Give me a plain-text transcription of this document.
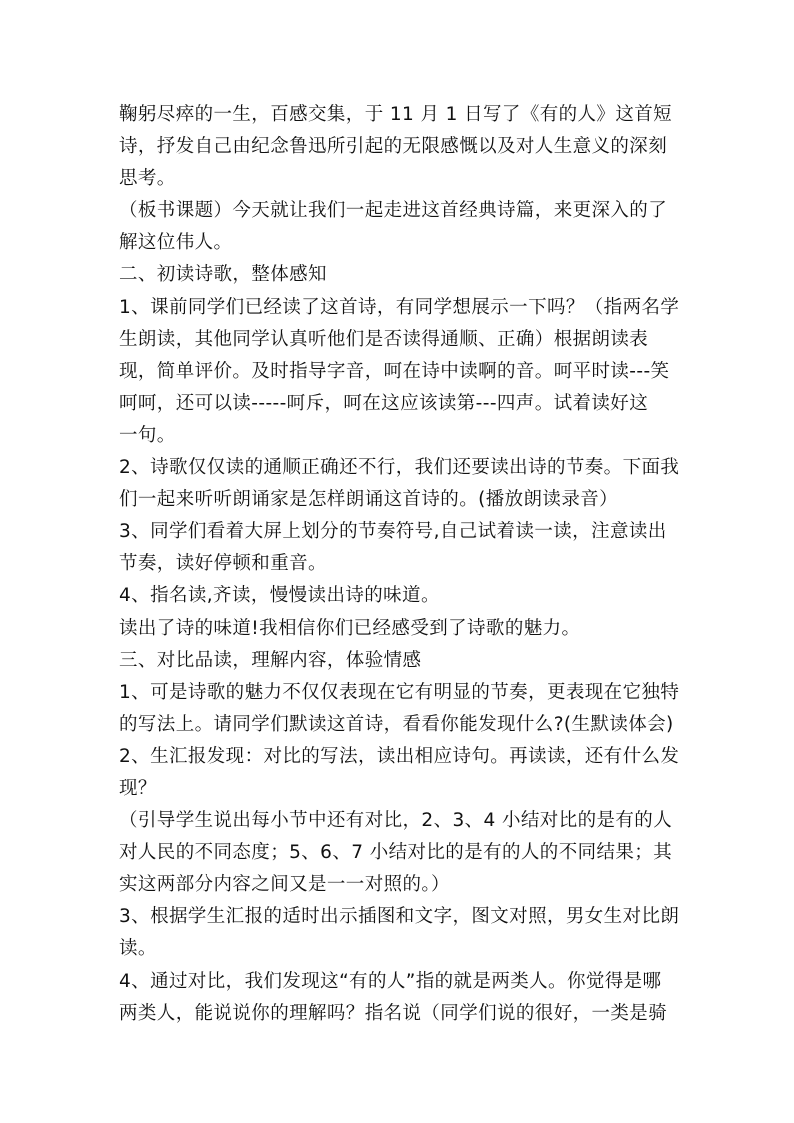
鞠躬尽瘁的一生，百感交集，于 11 月 1 日写了《有的人》这首短
诗，抒发自己由纪念鲁迅所引起的无限感慨以及对人生意义的深刻
思考。
（板书课题）今天就让我们一起走进这首经典诗篇，来更深入的了
解这位伟人。
二、初读诗歌，整体感知
1、课前同学们已经读了这首诗，有同学想展示一下吗？（指两名学
生朗读，其他同学认真听他们是否读得通顺、正确）根据朗读表
现，简单评价。及时指导字音，呵在诗中读啊的音。呵平时读---笑
呵呵，还可以读-----呵斥，呵在这应该读第---四声。试着读好这
一句。
2、诗歌仅仅读的通顺正确还不行，我们还要读出诗的节奏。下面我
们一起来听听朗诵家是怎样朗诵这首诗的。(播放朗读录音）
3、同学们看着大屏上划分的节奏符号,自己试着读一读，注意读出
节奏，读好停顿和重音。
4、指名读,齐读，慢慢读出诗的味道。
读出了诗的味道!我相信你们已经感受到了诗歌的魅力。
三、对比品读，理解内容，体验情感
1、可是诗歌的魅力不仅仅表现在它有明显的节奏，更表现在它独特
的写法上。请同学们默读这首诗，看看你能发现什么?(生默读体会)
2、生汇报发现：对比的写法，读出相应诗句。再读读，还有什么发
现？
（引导学生说出每小节中还有对比，2、3、4 小结对比的是有的人
对人民的不同态度；5、6、7 小结对比的是有的人的不同结果；其
实这两部分内容之间又是一一对照的。）
3、根据学生汇报的适时出示插图和文字，图文对照，男女生对比朗
读。
4、通过对比，我们发现这“有的人”指的就是两类人。你觉得是哪
两类人，能说说你的理解吗？指名说（同学们说的很好，一类是骑
